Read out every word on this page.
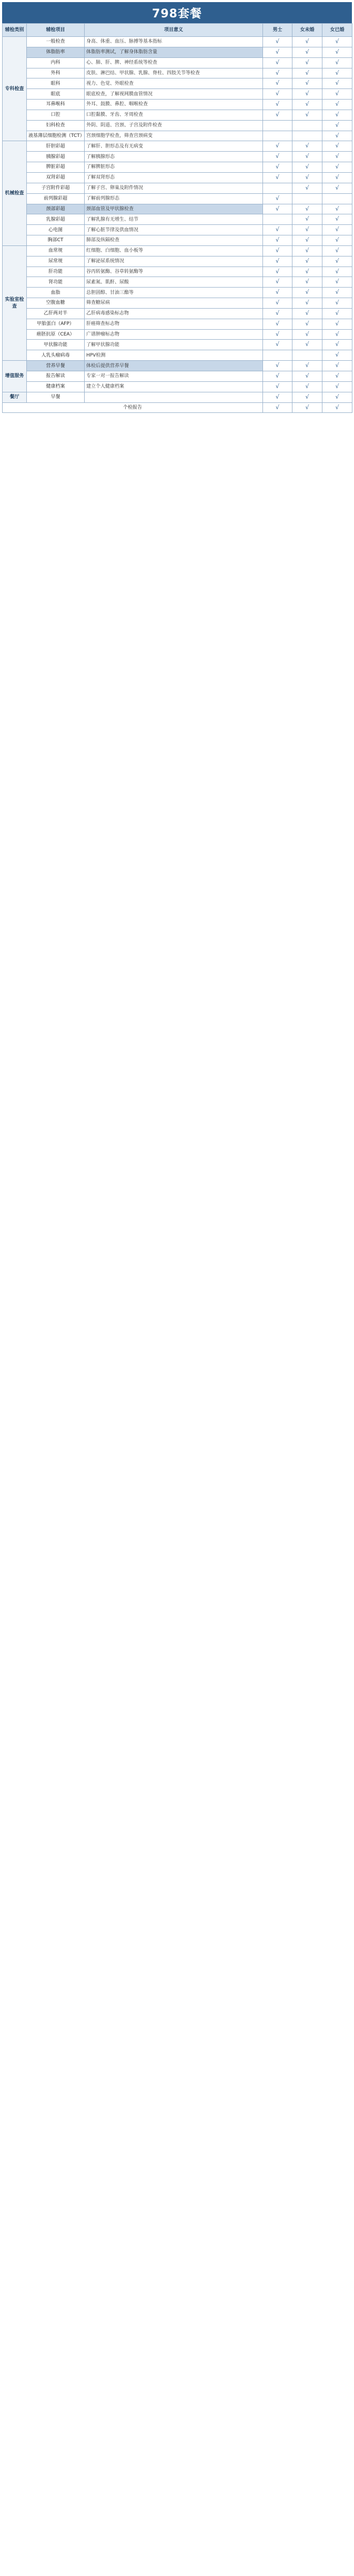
798套餐
辅检类别	辅检项目	项目意义	男士	女未婚	女已婚
专科检查	一般检查	身高、体重、血压、脉搏等基本指标	√	√	√
	体脂肪率	体脂肪率测试，了解身体脂肪含量	√	√	√
	内科	心、肺、肝、脾、神经系统等检查	√	√	√
	外科	皮肤、淋巴结、甲状腺、乳腺、脊柱、四肢关节等检查	√	√	√
	眼科	视力、色觉、外眼检查	√	√	√
	眼底	眼底检查，了解视网膜血管情况	√	√	√
	耳鼻喉科	外耳、鼓膜、鼻腔、咽喉检查	√	√	√
	口腔	口腔黏膜、牙齿、牙周检查	√	√	√
	妇科检查	外阴、阴道、宫颈、子宫及附件检查			√
	液基薄层细胞检测（TCT）	宫颈细胞学检查，筛查宫颈病变			√
机械检查	肝胆彩超	了解肝、胆形态及有无病变	√	√	√
	胰腺彩超	了解胰腺形态	√	√	√
	脾脏彩超	了解脾脏形态	√	√	√
	双肾彩超	了解双肾形态	√	√	√
	子宫附件彩超	了解子宫、卵巢及附件情况		√	√
	前列腺彩超	了解前列腺形态	√		
	颈部彩超	颈部血管及甲状腺检查	√	√	√
	乳腺彩超	了解乳腺有无增生、结节		√	√
	心电图	了解心脏节律及供血情况	√	√	√
	胸部CT	肺部及纵隔检查	√	√	√
实验室检查	血常规	红细胞、白细胞、血小板等	√	√	√
	尿常规	了解泌尿系统情况	√	√	√
	肝功能	谷丙转氨酶、谷草转氨酶等	√	√	√
	肾功能	尿素氮、肌酐、尿酸	√	√	√
	血脂	总胆固醇、甘油三酯等	√	√	√
	空腹血糖	筛查糖尿病	√	√	√
	乙肝两对半	乙肝病毒感染标志物	√	√	√
	甲胎蛋白（AFP）	肝癌筛查标志物	√	√	√
	癌胚抗原（CEA）	广谱肿瘤标志物	√	√	√
	甲状腺功能	了解甲状腺功能	√	√	√
	人乳头瘤病毒	HPV检测			√
增值服务	营养早餐	体检后提供营养早餐	√	√	√
	报告解读	专家一对一报告解读	√	√	√
	健康档案	建立个人健康档案	√	√	√
餐厅	早餐		√	√	√
个检报告			√	√	√
